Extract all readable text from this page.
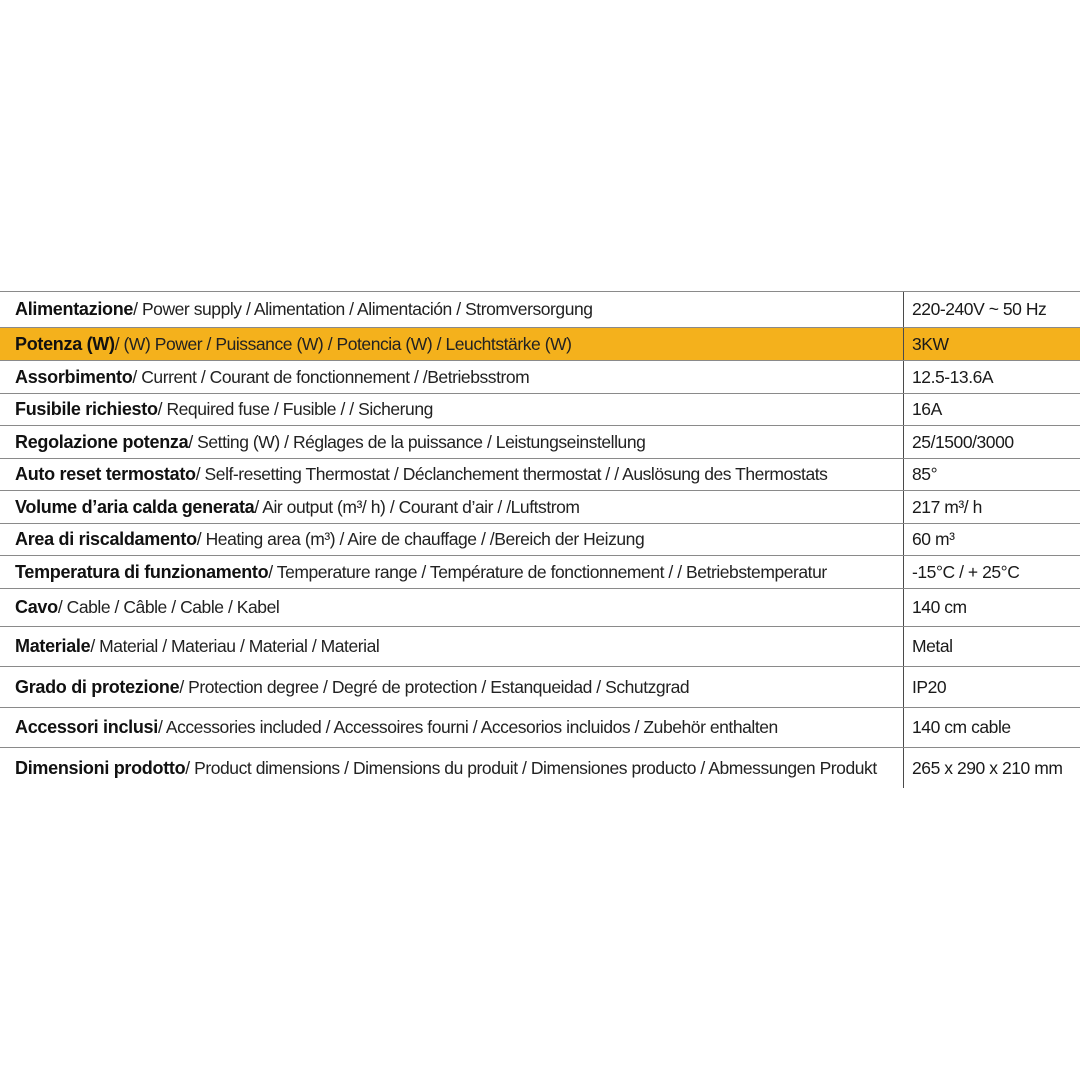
Alimentazione / Power supply / Alimentation / Alimentación / Stromversorgung	220-240V ~ 50 Hz
Potenza (W) / (W) Power / Puissance (W) / Potencia (W) / Leuchtstärke (W)	3KW
Assorbimento / Current / Courant de fonctionnement / /Betriebsstrom	12.5-13.6A
Fusibile richiesto / Required fuse / Fusible / / Sicherung	16A
Regolazione potenza / Setting (W) / Réglages de la puissance / Leistungseinstellung	25/1500/3000
Auto reset termostato / Self-resetting Thermostat / Déclanchement thermostat / / Auslösung des Thermostats	85°
Volume d’aria calda generata / Air output (m³/ h) / Courant d’air / /Luftstrom	217 m³/ h
Area di riscaldamento / Heating area (m³) / Aire de chauffage / /Bereich der Heizung	60 m³
Temperatura di funzionamento / Temperature range / Température de fonctionnement / / Betriebstemperatur	-15°C / + 25°C
Cavo / Cable / Câble / Cable / Kabel	140 cm
Materiale / Material / Materiau / Material / Material	Metal
Grado di protezione / Protection degree / Degré de protection / Estanqueidad / Schutzgrad	IP20
Accessori inclusi / Accessories included / Accessoires fourni / Accesorios incluidos / Zubehör enthalten	140 cm cable
Dimensioni prodotto / Product dimensions / Dimensions du produit / Dimensiones producto / Abmessungen Produkt	265 x 290 x 210 mm
